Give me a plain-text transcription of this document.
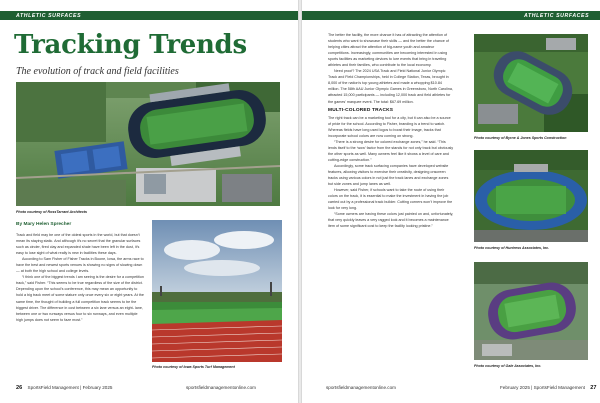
ATHLETIC SURFACES
Tracking Trends
The evolution of track and field facilities
Photo courtesy of RossTarrant Architects
By Mary Helen Sprecher

Track and field may be one of the oldest sports in the world, but that doesn’t mean its staying static. And although it’s no secret that the granular surfaces such as cinder, fired clay and expanded shale have been left in the dust, it’s easy to lose sight of what really is new in facilities these days.

According to Sam Fisher of Fisher Tracks in Boone, Iowa, the arms race to have the best and newest sports venues is showing no signs of slowing down — at both the high school and college levels.

“I think one of the biggest trends I am seeing is the desire for a competition track,” said Fisher. “This seems to be true regardless of the size of the district. Depending upon the school’s conference, this may mean an opportunity to hold a big track meet of some stature only once every six or eight years. At the same time, the thought of building a full competition track seems to be the biggest driver. The difference in cost between a six lane versus an eight- lane, between one or two runways versus four to six runways, and even multiple high jumps does not seem to faze most.”

Photo courtesy of Iowa Sports Turf Management
26 SportsField Management | February 2025	sportsfieldmanagementonline.com
ATHLETIC SURFACES

The better the facility, the more chance it has of attracting the attention of students who want to showcase their skills — and the better the chance of helping cities attract the attention of big-name youth and amateur competitions. Increasingly, communities are becoming interested in using sports facilities as marketing devices to lure events that bring in traveling athletes and their families, who contribute to the local economy.

Need proof? The 2024 USA Track and Field National Junior Olympic Track and Field Championships, held in College Station, Texas, brought in 8,000 of the nation’s top young athletes and made a whopping $10.84 million. The 58th AAU Junior Olympic Games in Greensboro, North Carolina, attracted 15,000 participants — including 12,000 track and field athletes for the games’ marquee event. The total: $67.69 million.

MULTI-COLORED TRACKS

The right track can be a marketing tool for a city, but it can also be a source of pride for the school. According to Fisher, branding is a trend to watch. Whereas fields have long used logos to boost their image, tracks that incorporate school colors are now coming on strong.

“There is a strong desire for colored exchange zones,” he said. “This lends itself to the ‘wow’ factor from the stands for not only track but obviously the other sports as well. Many owners feel like it shows a level of care and cutting-edge construction.”

Accordingly, some track surfacing companies have developed website features, allowing visitors to exercise their creativity, designing onscreen tracks using various colors in not just the track lanes and exchange zones but side zones and jump lanes as well.

However, said Fisher, if schools want to take the route of using their colors on the track, it is essential to make the investment in having the job carried out by a professional track builder. Cutting corners won’t improve the look for very long.

“Some owners are having these colors just painted on and, unfortunately, that very quickly leaves a very ragged look and it becomes a maintenance item of some significant cost to keep the facility looking pristine.”

Photo courtesy of Byrne & Jones Sports Construction
Photo courtesy of Huntress Associates, Inc.
Photo courtesy of Gale Associates, Inc.
sportsfieldmanagementonline.com	February 2025 | SportsField Management 27
